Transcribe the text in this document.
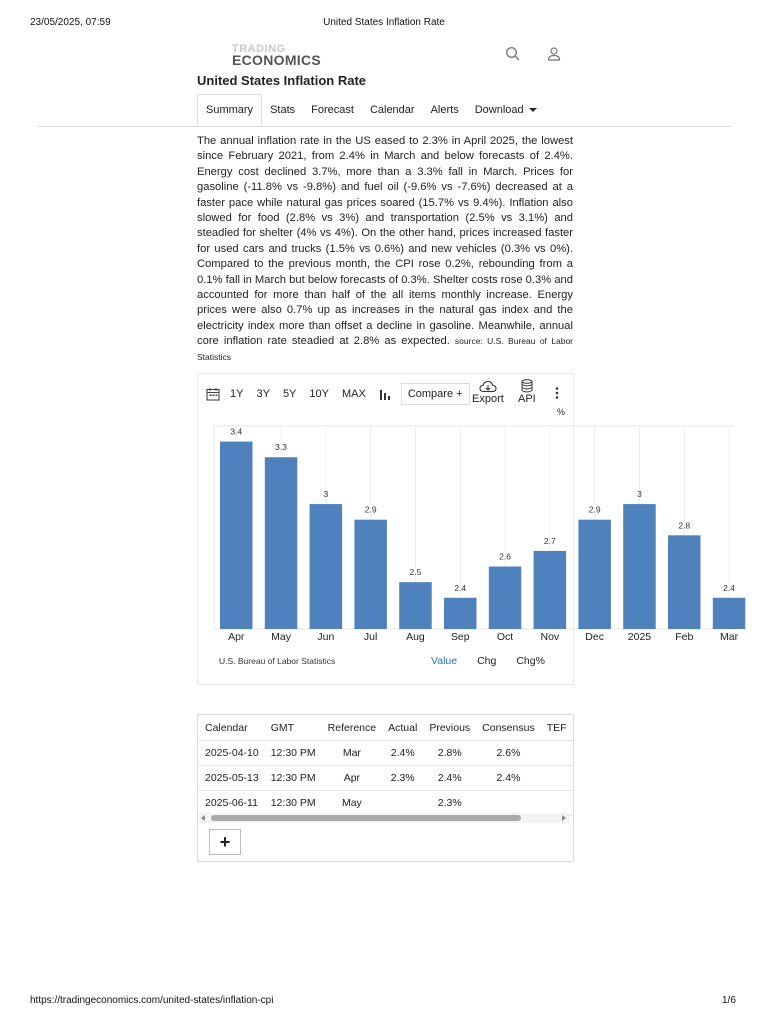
23/05/2025, 07:59	United States Inflation Rate
TRADING
ECONOMICS
United States Inflation Rate
Summary Stats Forecast Calendar Alerts Download
The annual inflation rate in the US eased to 2.3% in April 2025, the lowest since February 2021, from 2.4% in March and below forecasts of 2.4%. Energy cost declined 3.7%, more than a 3.3% fall in March. Prices for gasoline (-11.8% vs -9.8%) and fuel oil (-9.6% vs -7.6%) decreased at a faster pace while natural gas prices soared (15.7% vs 9.4%). Inflation also slowed for food (2.8% vs 3%) and transportation (2.5% vs 3.1%) and steadied for shelter (4% vs 4%). On the other hand, prices increased faster for used cars and trucks (1.5% vs 0.6%) and new vehicles (0.3% vs 0%). Compared to the previous month, the CPI rose 0.2%, rebounding from a 0.1% fall in March but below forecasts of 0.3%. Shelter costs rose 0.3% and accounted for more than half of the all items monthly increase. Energy prices were also 0.7% up as increases in the natural gas index and the electricity index more than offset a decline in gasoline. Meanwhile, annual core inflation rate steadied at 2.8% as expected. source: U.S. Bureau of Labor Statistics
1Y 3Y 5Y 10Y MAX	Compare + Export API
%
3.4
3.3
3
2.9
2.5
2.4
2.6
2.7
2.9
3
2.8
2.4
Apr	May	Jun	Jul	Aug Sep	Oct	Nov Dec 2025 Feb	Mar
U.S. Bureau of Labor Statistics	Value Chg Chg%
Calendar	GMT	Reference	Actual	Previous	Consensus	TEF
2025-04-10	12:30 PM	Mar	2.4%	2.8%	2.6%	
2025-05-13	12:30 PM	Apr	2.3%	2.4%	2.4%	
2025-06-11	12:30 PM	May		2.3%		
+
https://tradingeconomics.com/united-states/inflation-cpi	1/6
